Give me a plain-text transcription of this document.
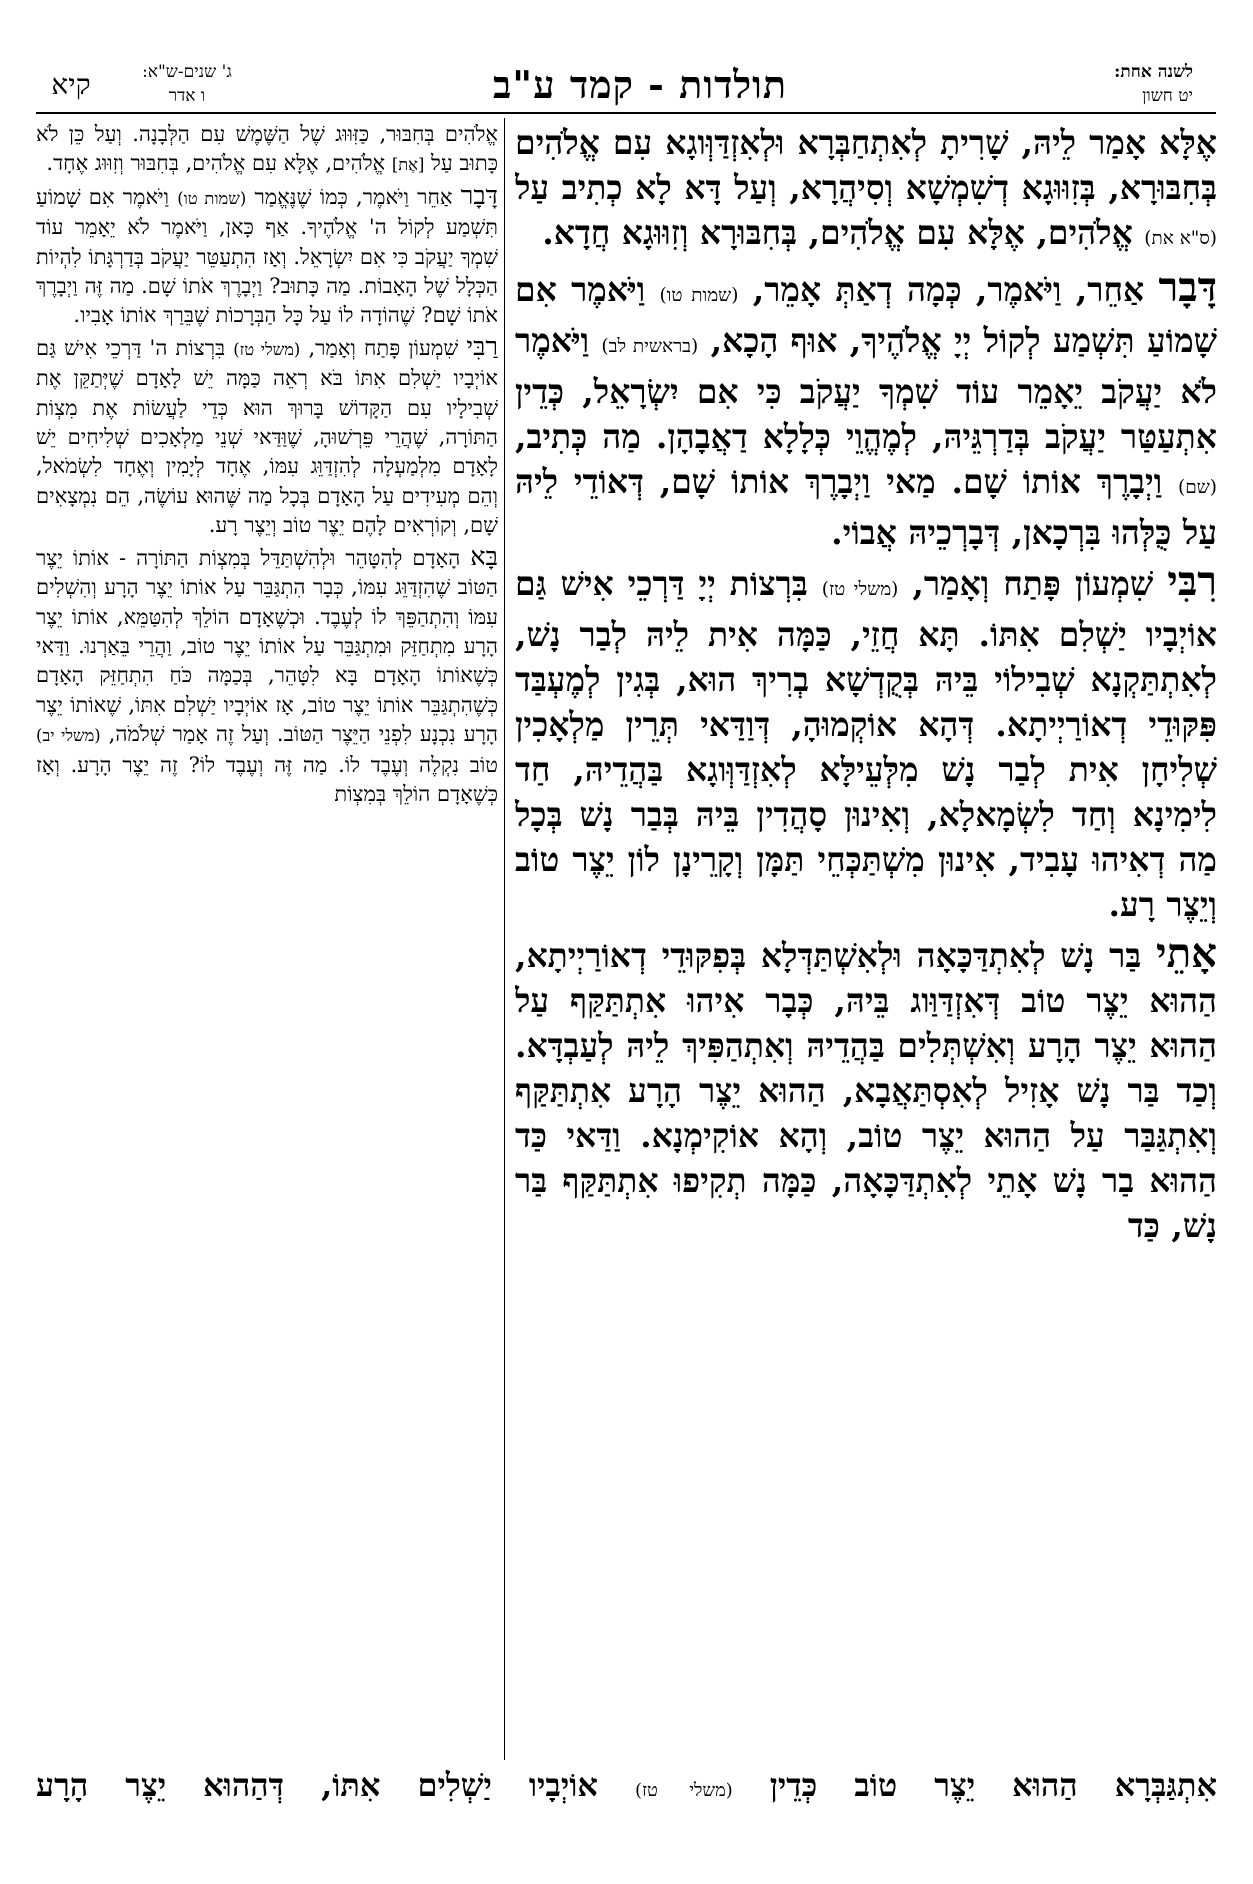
לשנה אחת:
יט חשון
תולדות - קמד ע"ב
ג' שנים-ש"א:
ו אדר
קיא

אֶלָּא אָמַר לֵיהּ, שָׁרִיתָ לְאִתְחַבְּרָא וּלְאִזְדַּוְּוגָא עִם אֱלֹהִים בְּחִבּוּרָא, בְּזִוּוּגָא דְשִׁמְשָׁא וְסִיהֲרָא, וְעַל דָּא לָא כְתִיב עַל (ס"א את) אֱלֹהִים, אֶלָּא עִם אֱלֹהִים, בְּחִבּוּרָא וְזִוּוּגָא חֲדָא.

דָּבָר אַחֵר, וַיֹּאמֶר, כְּמָה דְאַתְּ אָמֵר, (שמות טו) וַיֹּאמֶר אִם שָׁמוֹעַ תִּשְׁמַע לְקוֹל יְיָ אֱלֹהֶיךָ, אוּף הָכָא, (בראשית לב) וַיֹּאמֶר לֹא יַעֲקֹב יֵאָמֵר עוֹד שִׁמְךָ יַעֲקֹב כִּי אִם יִשְׂרָאֵל, כְּדֵין אִתְעַטַּר יַעֲקֹב בְּדַרְגֵּיהּ, לְמֶהֱוֵי כְּלָלָא דַאֲבָהָן. מַה כְּתִיב, (שם) וַיְבָרֶךְ אוֹתוֹ שָׁם. מַאי וַיְבָרֶךְ אוֹתוֹ שָׁם, דְּאוֹדֵי לֵיהּ עַל כֻּלְּהוּ בִּרְכָאן, דְּבָרְכֵיהּ אֲבוֹי.

רִבִּי שִׁמְעוֹן פָּתַח וְאָמַר, (משלי טז) בִּרְצוֹת יְיָ דַּרְכֵי אִישׁ גַּם אוֹיְבָיו יַשְׁלִם אִתּוֹ. תָּא חֲזֵי, כַּמָּה אִית לֵיהּ לְבַר נָשׁ, לְאִתְתַּקְנָא שְׁבִילוֹי בֵּיהּ בְּקֻדְשָׁא בְרִיךְ הוּא, בְּגִין לְמֶעְבַּד פִּקּוּדֵי דְאוֹרַיְיתָא. דְּהָא אוֹקְמוּהָ, דְּוַדַּאי תְּרֵין מַלְאָכִין שְׁלִיחָן אִית לְבַר נָשׁ מִלְּעֵילָּא לְאִזְדַּוְּוגָא בַּהֲדֵיהּ, חַד לִימִינָא וְחַד לִשְׂמָאלָא, וְאִינוּן סָהֲדִין בֵּיהּ בְּבַר נָשׁ בְּכָל מַה דְאִיהוּ עָבִיד, אִינוּן מִשְׁתַּכְּחֵי תַּמָּן וְקָרֵינָן לוֹן יֵצֶר טוֹב וְיֵצֶר רָע.

אָתֵי בַּר נָשׁ לְאִתְדַּכָּאָה וּלְאִשְׁתַּדְּלָא בְּפִקּוּדֵי דְאוֹרַיְיתָא, הַהוּא יֵצֶר טוֹב דְּאִזְדַּוַּוג בֵּיהּ, כְּבָר אִיהוּ אִתְתַּקַּף עַל הַהוּא יֵצֶר הָרָע וְאִשְׁתְּלִים בַּהֲדֵיהּ וְאִתְהַפִּיךְ לֵיהּ לְעַבְדָּא. וְכַד בַּר נָשׁ אָזִיל לְאִסְתַּאֲבָא, הַהוּא יֵצֶר הָרָע אִתְתַּקַּף וְאִתְגַּבַּר עַל הַהוּא יֵצֶר טוֹב, וְהָא אוֹקִימְנָא. וַדַּאי כַּד הַהוּא בַר נָשׁ אָתֵי לְאִתְדַּכָּאָה, כַּמָּה תְקִיפוּ אִתְתַּקַּף בַּר נָשׁ, כַּד

אֱלֹהִים בְּחִבּוּר, כַּזִּוּוּג שֶׁל הַשֶּׁמֶשׁ עִם הַלְּבָנָה. וְעַל כֵּן לֹא כָּתוּב עַל [אֶת] אֱלֹהִים, אֶלָּא עִם אֱלֹהִים, בְּחִבּוּר וְזִוּוּג אֶחָד.

דָּבָר אַחֵר וַיֹּאמֶר, כְּמוֹ שֶׁנֶּאֱמַר (שמות טו) וַיֹּאמֶר אִם שָׁמוֹעַ תִּשְׁמַע לְקוֹל ה' אֱלֹהֶיךָ. אַף כָּאן, וַיֹּאמֶר לֹא יֵאָמֵר עוֹד שִׁמְךָ יַעֲקֹב כִּי אִם יִשְׂרָאֵל. וְאָז הִתְעַטֵּר יַעֲקֹב בְּדַרְגָּתוֹ לִהְיוֹת הַכְּלָל שֶׁל הָאָבוֹת. מַה כָּתוּב? וַיְבָרֶךְ אֹתוֹ שָׁם. מַה זֶּה וַיְבָרֶךְ אֹתוֹ שָׁם? שֶׁהוֹדָה לוֹ עַל כָּל הַבְּרָכוֹת שֶׁבֵּרַךְ אוֹתוֹ אָבִיו.

רַבִּי שִׁמְעוֹן פָּתַח וְאָמַר, (משלי טז) בִּרְצוֹת ה' דַּרְכֵי אִישׁ גַּם אוֹיְבָיו יַשְׁלִם אִתּוֹ בֹּא רְאֵה כַּמָּה יֵשׁ לָאָדָם שֶׁיְּתַקֵּן אֶת שְׁבִילָיו עִם הַקָּדוֹשׁ בָּרוּךְ הוּא כְּדֵי לַעֲשׂוֹת אֶת מִצְוֹת הַתּוֹרָה, שֶׁהֲרֵי פֵּרְשׁוּהָ, שֶׁוַּדַּאי שְׁנֵי מַלְאָכִים שְׁלִיחִים יֵשׁ לָאָדָם מִלְמַעְלָה לְהִזְדַּוֵּג עִמּוֹ, אֶחָד לְיָמִין וְאֶחָד לִשְׂמֹאל, וְהֵם מְעִידִים עַל הָאָדָם בְּכָל מַה שֶּׁהוּא עוֹשֶׂה, הֵם נִמְצָאִים שָׁם, וְקוֹרְאִים לָהֶם יֵצֶר טוֹב וְיֵצֶר רָע.

בָּא הָאָדָם לְהִטָּהֵר וּלְהִשְׁתַּדֵּל בְּמִצְוֹת הַתּוֹרָה - אוֹתוֹ יֵצֶר הַטּוֹב שֶׁהִזְדַּוֵּג עִמּוֹ, כְּבָר הִתְגַּבֵּר עַל אוֹתוֹ יֵצֶר הָרָע וְהִשְׁלִים עִמּוֹ וְהִתְהַפֵּךְ לוֹ לְעֶבֶד. וּכְשֶׁאָדָם הוֹלֵךְ לְהִטַּמֵּא, אוֹתוֹ יֵצֶר הָרָע מִתְחַזֵּק וּמִתְגַּבֵּר עַל אוֹתוֹ יֵצֶר טוֹב, וַהֲרֵי בֵּאַרְנוּ. וַדַּאי כְּשֶׁאוֹתוֹ הָאָדָם בָּא לִטָּהֵר, בְּכַמָּה כֹּחַ הִתְחַזֵּק הָאָדָם כְּשֶׁהִתְגַּבֵּר אוֹתוֹ יֵצֶר טוֹב, אָז אוֹיְבָיו יַשְׁלִם אִתּוֹ, שֶׁאוֹתוֹ יֵצֶר הָרָע נִכְנָע לִפְנֵי הַיֵּצֶר הַטּוֹב. וְעַל זֶה אָמַר שְׁלֹמֹה, (משלי יב) טוֹב נִקְלֶה וְעֶבֶד לוֹ. מַה זֶּה וְעֶבֶד לוֹ? זֶה יֵצֶר הָרָע. וְאָז כְּשֶׁאָדָם הוֹלֵךְ בְּמִצְוֹת

אִתְגַּבְּרָא הַהוּא יֵצֶר טוֹב כְּדֵין (משלי טז) אוֹיְבָיו יַשְׁלִים אִתּוֹ, דְּהַהוּא יֵצֶר הָרָע
